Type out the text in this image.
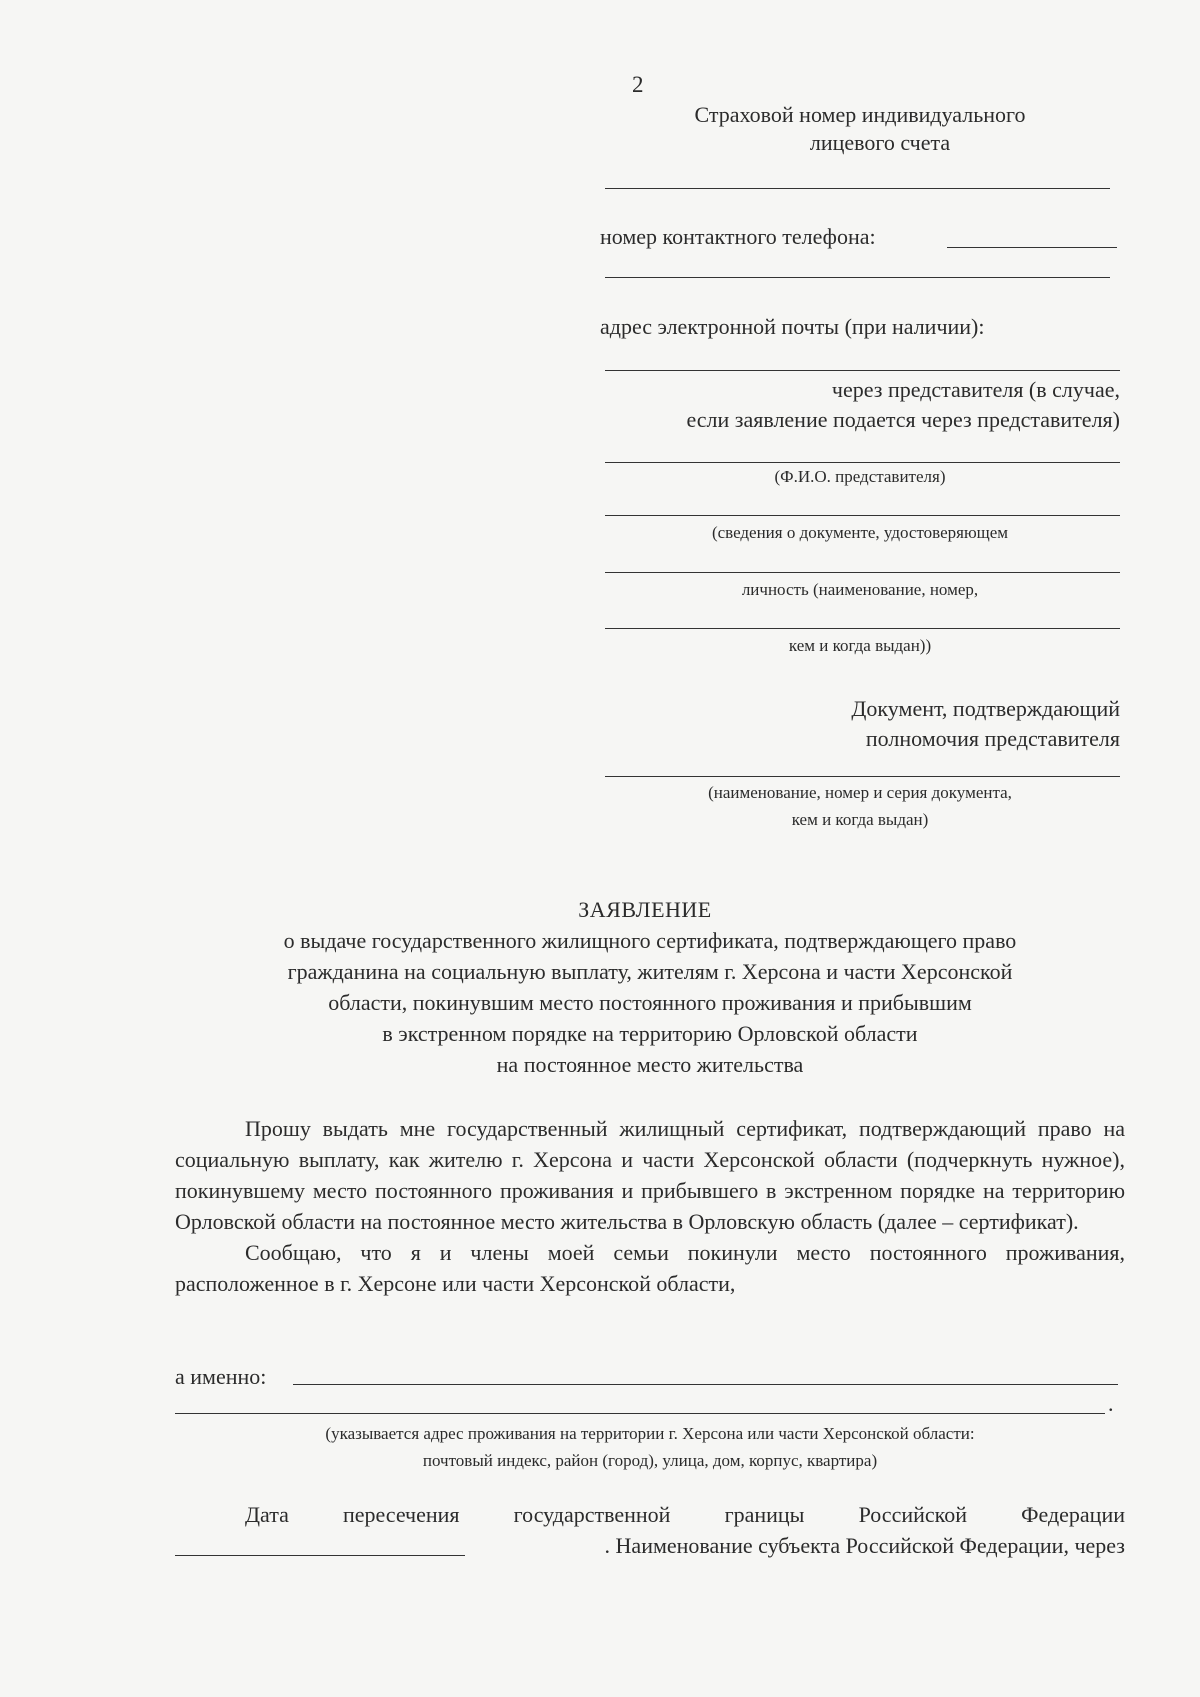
2
Страховой номер индивидуального
лицевого счета
номер контактного телефона:
адрес электронной почты (при наличии):
через представителя (в случае,
если заявление подается через представителя)
(Ф.И.О. представителя)
(сведения о документе, удостоверяющем
личность (наименование, номер,
кем и когда выдан))
Документ, подтверждающий
полномочия представителя
(наименование, номер и серия документа,
кем и когда выдан)
ЗАЯВЛЕНИЕ
о выдаче государственного жилищного сертификата, подтверждающего право
гражданина на социальную выплату, жителям г. Херсона и части Херсонской
области, покинувшим место постоянного проживания и прибывшим
в экстренном порядке на территорию Орловской области
на постоянное место жительства

Прошу выдать мне государственный жилищный сертификат, подтверждающий право на социальную выплату, как жителю г. Херсона и части Херсонской области (подчеркнуть нужное), покинувшему место постоянного проживания и прибывшего в экстренном порядке на территорию Орловской области на постоянное место жительства в Орловскую область (далее – сертификат).

Сообщаю, что я и члены моей семьи покинули место постоянного проживания, расположенное в г. Херсоне или части Херсонской области,

а именно:
.
(указывается адрес проживания на территории г. Херсона или части Херсонской области:
почтовый индекс, район (город), улица, дом, корпус, квартира)

Дата пересечения государственной границы Российской Федерации

. Наименование субъекта Российской Федерации, через
